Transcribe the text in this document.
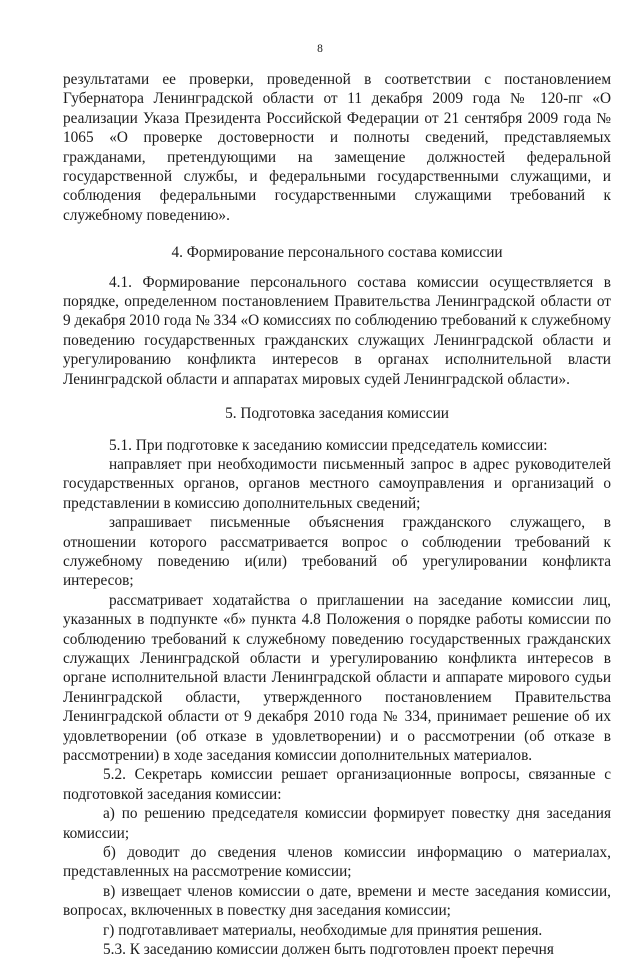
8

результатами ее проверки, проведенной в соответствии с постановлением Губернатора Ленинградской области от 11 декабря 2009 года № 120-пг «О реализации Указа Президента Российской Федерации от 21 сентября 2009 года № 1065 «О проверке достоверности и полноты сведений, представляемых гражданами, претендующими на замещение должностей федеральной государственной службы, и федеральными государственными служащими, и соблюдения федеральными государственными служащими требований к служебному поведению».

4. Формирование персонального состава комиссии

4.1. Формирование персонального состава комиссии осуществляется в порядке, определенном постановлением Правительства Ленинградской области от 9 декабря 2010 года № 334 «О комиссиях по соблюдению требований к служебному поведению государственных гражданских служащих Ленинградской области и урегулированию конфликта интересов в органах исполнительной власти Ленинградской области и аппаратах мировых судей Ленинградской области».

5. Подготовка заседания комиссии

5.1. При подготовке к заседанию комиссии председатель комиссии:

направляет при необходимости письменный запрос в адрес руководителей государственных органов, органов местного самоуправления и организаций о представлении в комиссию дополнительных сведений;

запрашивает письменные объяснения гражданского служащего, в отношении которого рассматривается вопрос о соблюдении требований к служебному поведению и(или) требований об урегулировании конфликта интересов;

рассматривает ходатайства о приглашении на заседание комиссии лиц, указанных в подпункте «б» пункта 4.8 Положения о порядке работы комиссии по соблюдению требований к служебному поведению государственных гражданских служащих Ленинградской области и урегулированию конфликта интересов в органе исполнительной власти Ленинградской области и аппарате мирового судьи Ленинградской области, утвержденного постановлением Правительства Ленинградской области от 9 декабря 2010 года № 334, принимает решение об их удовлетворении (об отказе в удовлетворении) и о рассмотрении (об отказе в рассмотрении) в ходе заседания комиссии дополнительных материалов.

5.2. Секретарь комиссии решает организационные вопросы, связанные с подготовкой заседания комиссии:

а) по решению председателя комиссии формирует повестку дня заседания комиссии;

б) доводит до сведения членов комиссии информацию о материалах, представленных на рассмотрение комиссии;

в) извещает членов комиссии о дате, времени и месте заседания комиссии, вопросах, включенных в повестку дня заседания комиссии;

г) подготавливает материалы, необходимые для принятия решения.

5.3. К заседанию комиссии должен быть подготовлен проект перечня
